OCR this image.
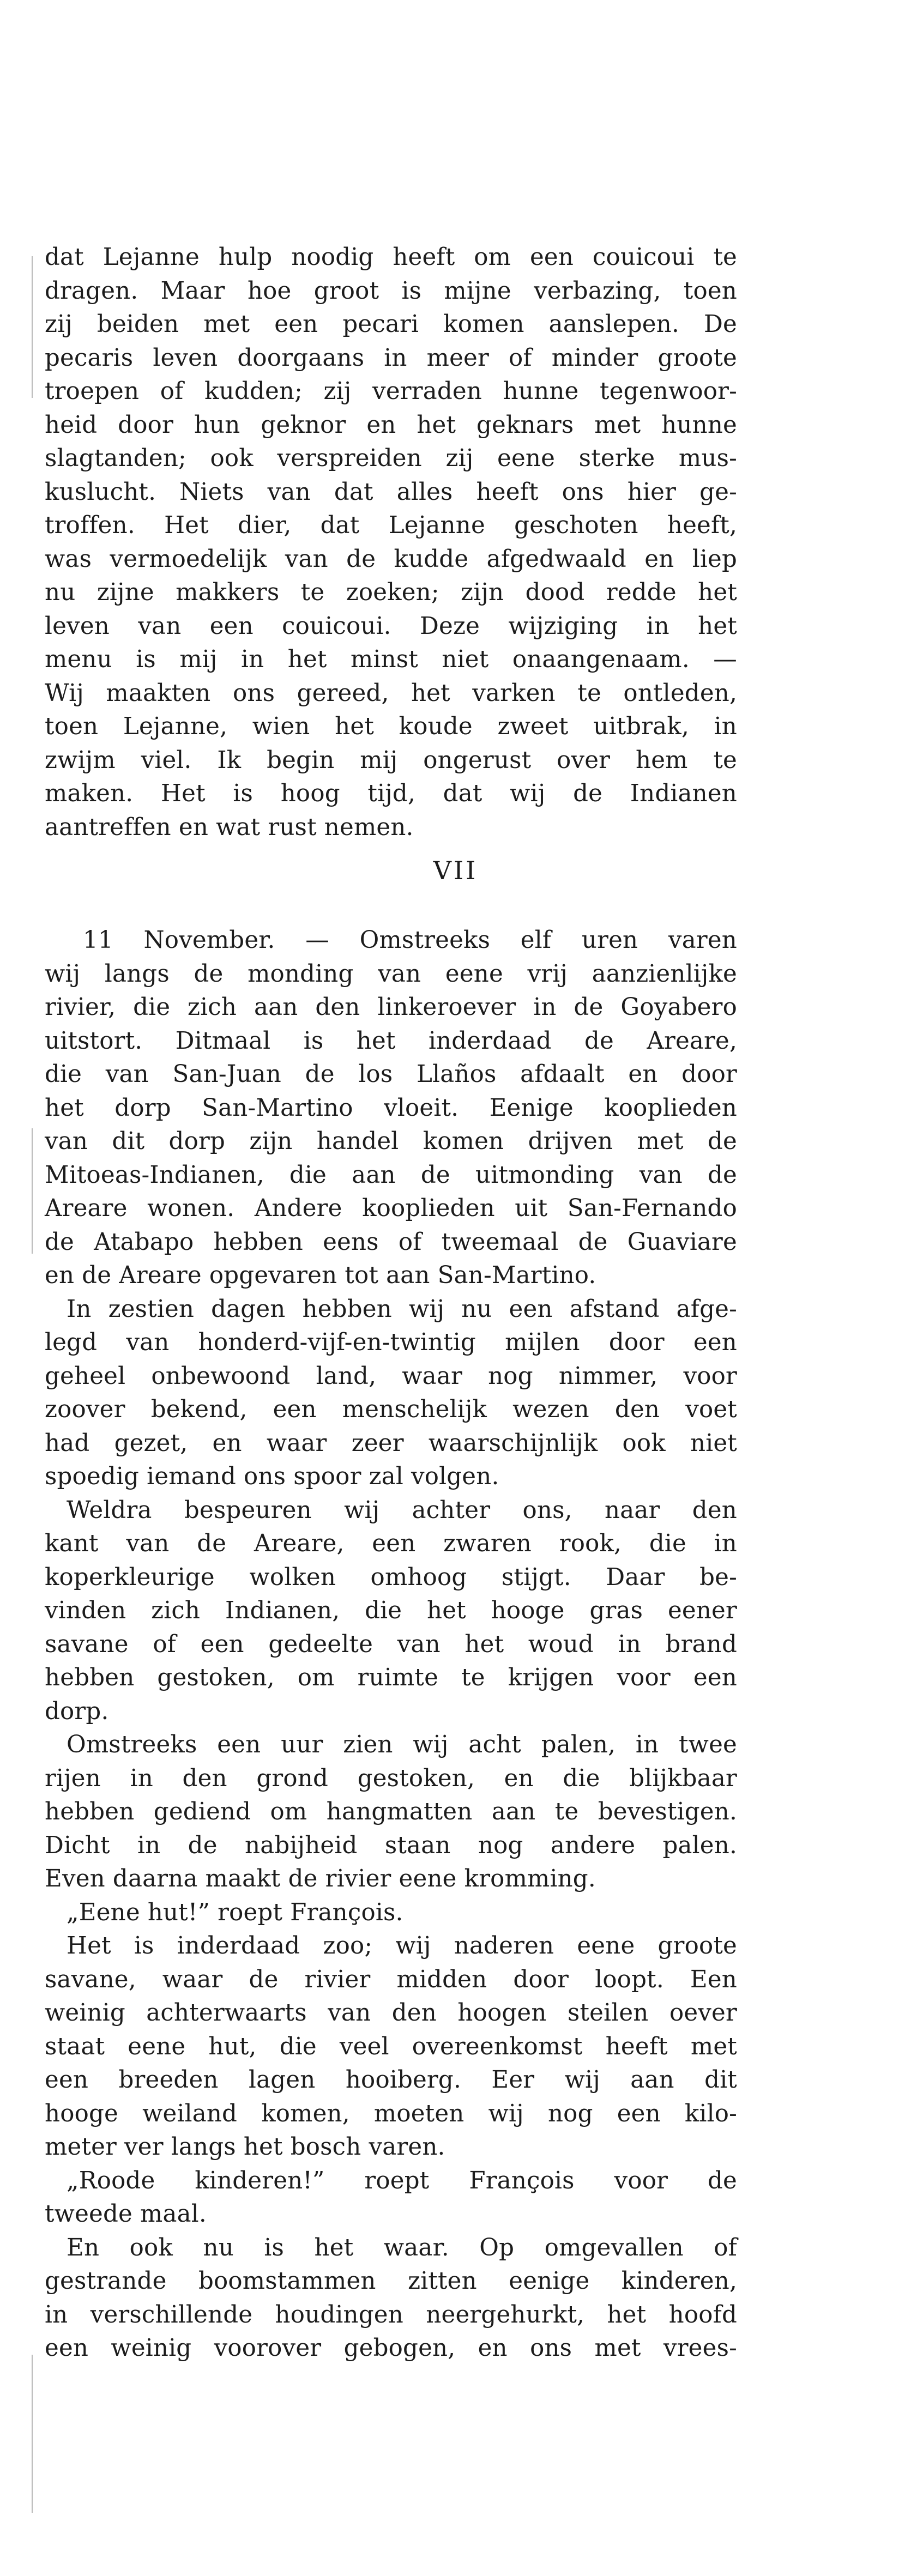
dat Lejanne hulp noodig heeft om een couicoui te
dragen. Maar hoe groot is mijne verbazing, toen
zij beiden met een pecari komen aanslepen. De
pecaris leven doorgaans in meer of minder groote
troepen of kudden; zij verraden hunne tegenwoor-
heid door hun geknor en het geknars met hunne
slagtanden; ook verspreiden zij eene sterke mus-
kuslucht. Niets van dat alles heeft ons hier ge-
troffen. Het dier, dat Lejanne geschoten heeft,
was vermoedelijk van de kudde afgedwaald en liep
nu zijne makkers te zoeken; zijn dood redde het
leven van een couicoui. Deze wijziging in het
menu is mij in het minst niet onaangenaam. —
Wij maakten ons gereed, het varken te ontleden,
toen Lejanne, wien het koude zweet uitbrak, in
zwijm viel. Ik begin mij ongerust over hem te
maken. Het is hoog tijd, dat wij de Indianen
aantreffen en wat rust nemen.
VII
11 November. — Omstreeks elf uren varen
wij langs de monding van eene vrij aanzienlijke
rivier, die zich aan den linkeroever in de Goyabero
uitstort. Ditmaal is het inderdaad de Areare,
die van San-Juan de los Llaños afdaalt en door
het dorp San-Martino vloeit. Eenige kooplieden
van dit dorp zijn handel komen drijven met de
Mitoeas-Indianen, die aan de uitmonding van de
Areare wonen. Andere kooplieden uit San-Fernando
de Atabapo hebben eens of tweemaal de Guaviare
en de Areare opgevaren tot aan San-Martino.
In zestien dagen hebben wij nu een afstand afge-
legd van honderd-vijf-en-twintig mijlen door een
geheel onbewoond land, waar nog nimmer, voor
zoover bekend, een menschelijk wezen den voet
had gezet, en waar zeer waarschijnlijk ook niet
spoedig iemand ons spoor zal volgen.
Weldra bespeuren wij achter ons, naar den
kant van de Areare, een zwaren rook, die in
koperkleurige wolken omhoog stijgt. Daar be-
vinden zich Indianen, die het hooge gras eener
savane of een gedeelte van het woud in brand
hebben gestoken, om ruimte te krijgen voor een
dorp.
Omstreeks een uur zien wij acht palen, in twee
rijen in den grond gestoken, en die blijkbaar
hebben gediend om hangmatten aan te bevestigen.
Dicht in de nabijheid staan nog andere palen.
Even daarna maakt de rivier eene kromming.
„Eene hut!” roept François.
Het is inderdaad zoo; wij naderen eene groote
savane, waar de rivier midden door loopt. Een
weinig achterwaarts van den hoogen steilen oever
staat eene hut, die veel overeenkomst heeft met
een breeden lagen hooiberg. Eer wij aan dit
hooge weiland komen, moeten wij nog een kilo-
meter ver langs het bosch varen.
„Roode kinderen!” roept François voor de
tweede maal.
En ook nu is het waar. Op omgevallen of
gestrande boomstammen zitten eenige kinderen,
in verschillende houdingen neergehurkt, het hoofd
een weinig voorover gebogen, en ons met vrees-
